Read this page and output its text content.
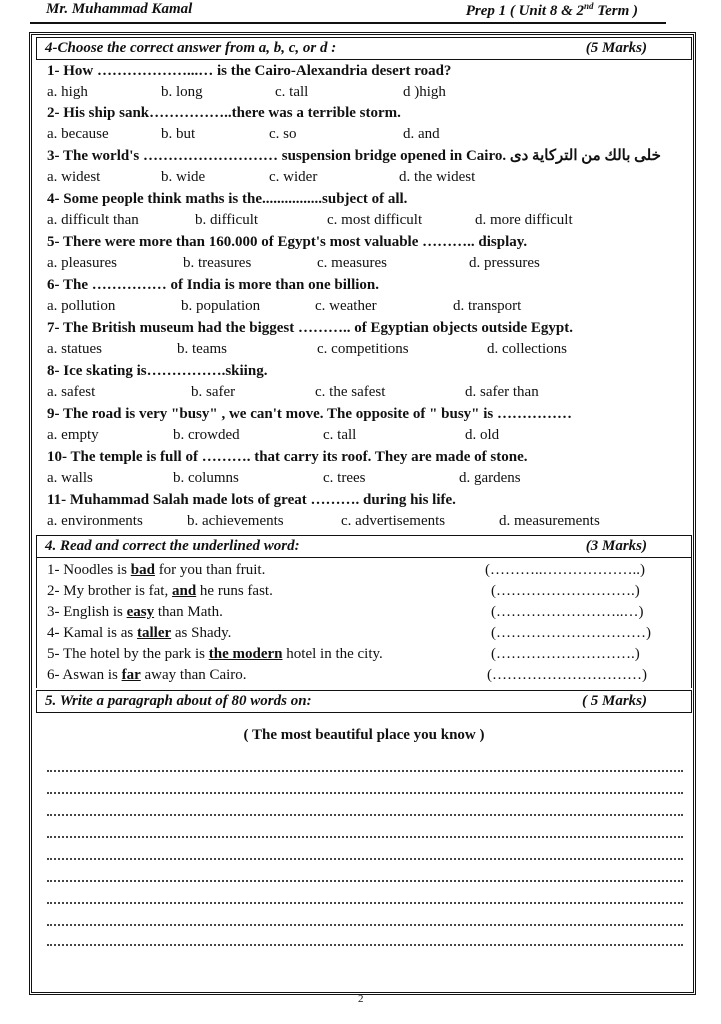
Mr. Muhammad Kamal	Prep 1 ( Unit 8 & 2nd Term )
4-Choose the correct answer from a, b, c, or d :	(5 Marks)
1- How ………………...… is the Cairo-Alexandria desert road?
a. high	b. long	c. tall	d )high
2- His ship sank……………..there was a terrible storm.
a. because	b. but	c. so	d. and
3- The world's ……………………… suspension bridge opened in Cairo. خلى بالك من التركاية دى
a. widest	b. wide	c. wider	d. the widest
4- Some people think maths is the................subject of all.
a. difficult than	b. difficult	c. most difficult	d. more difficult
5- There were more than 160.000 of Egypt's most valuable ……….. display.
a. pleasures	b. treasures	c. measures	d. pressures
6- The …………… of India is more than one billion.
a. pollution	b. population	c. weather	d. transport
7- The British museum had the biggest ……….. of Egyptian objects outside Egypt.
a. statues	b. teams	c. competitions	d. collections
8- Ice skating is…………….skiing.
a. safest	b. safer	c. the safest	d. safer than
9- The road is very "busy" , we can't move. The opposite of " busy" is ……………
a. empty	b. crowded	c. tall	d. old
10- The temple is full of ………. that carry its roof. They are made of stone.
a. walls	b. columns	c. trees	d. gardens
11- Muhammad Salah made lots of great ………. during his life.
a. environments	b. achievements	c. advertisements	d. measurements
4. Read and correct the underlined word:	(3 Marks)
1- Noodles is bad for you than fruit.	(………..………………..)
2- My brother is fat, and he runs fast.	(……………………….)
3- English is easy than Math.	(……………………..…)
4- Kamal is as taller as Shady.	(…………………………)
5- The hotel by the park is the modern hotel in the city.	(……………………….)
6- Aswan is far away than Cairo.	(…………………………)
5. Write a paragraph about of 80 words on:	( 5 Marks)
( The most beautiful place you know )
2
